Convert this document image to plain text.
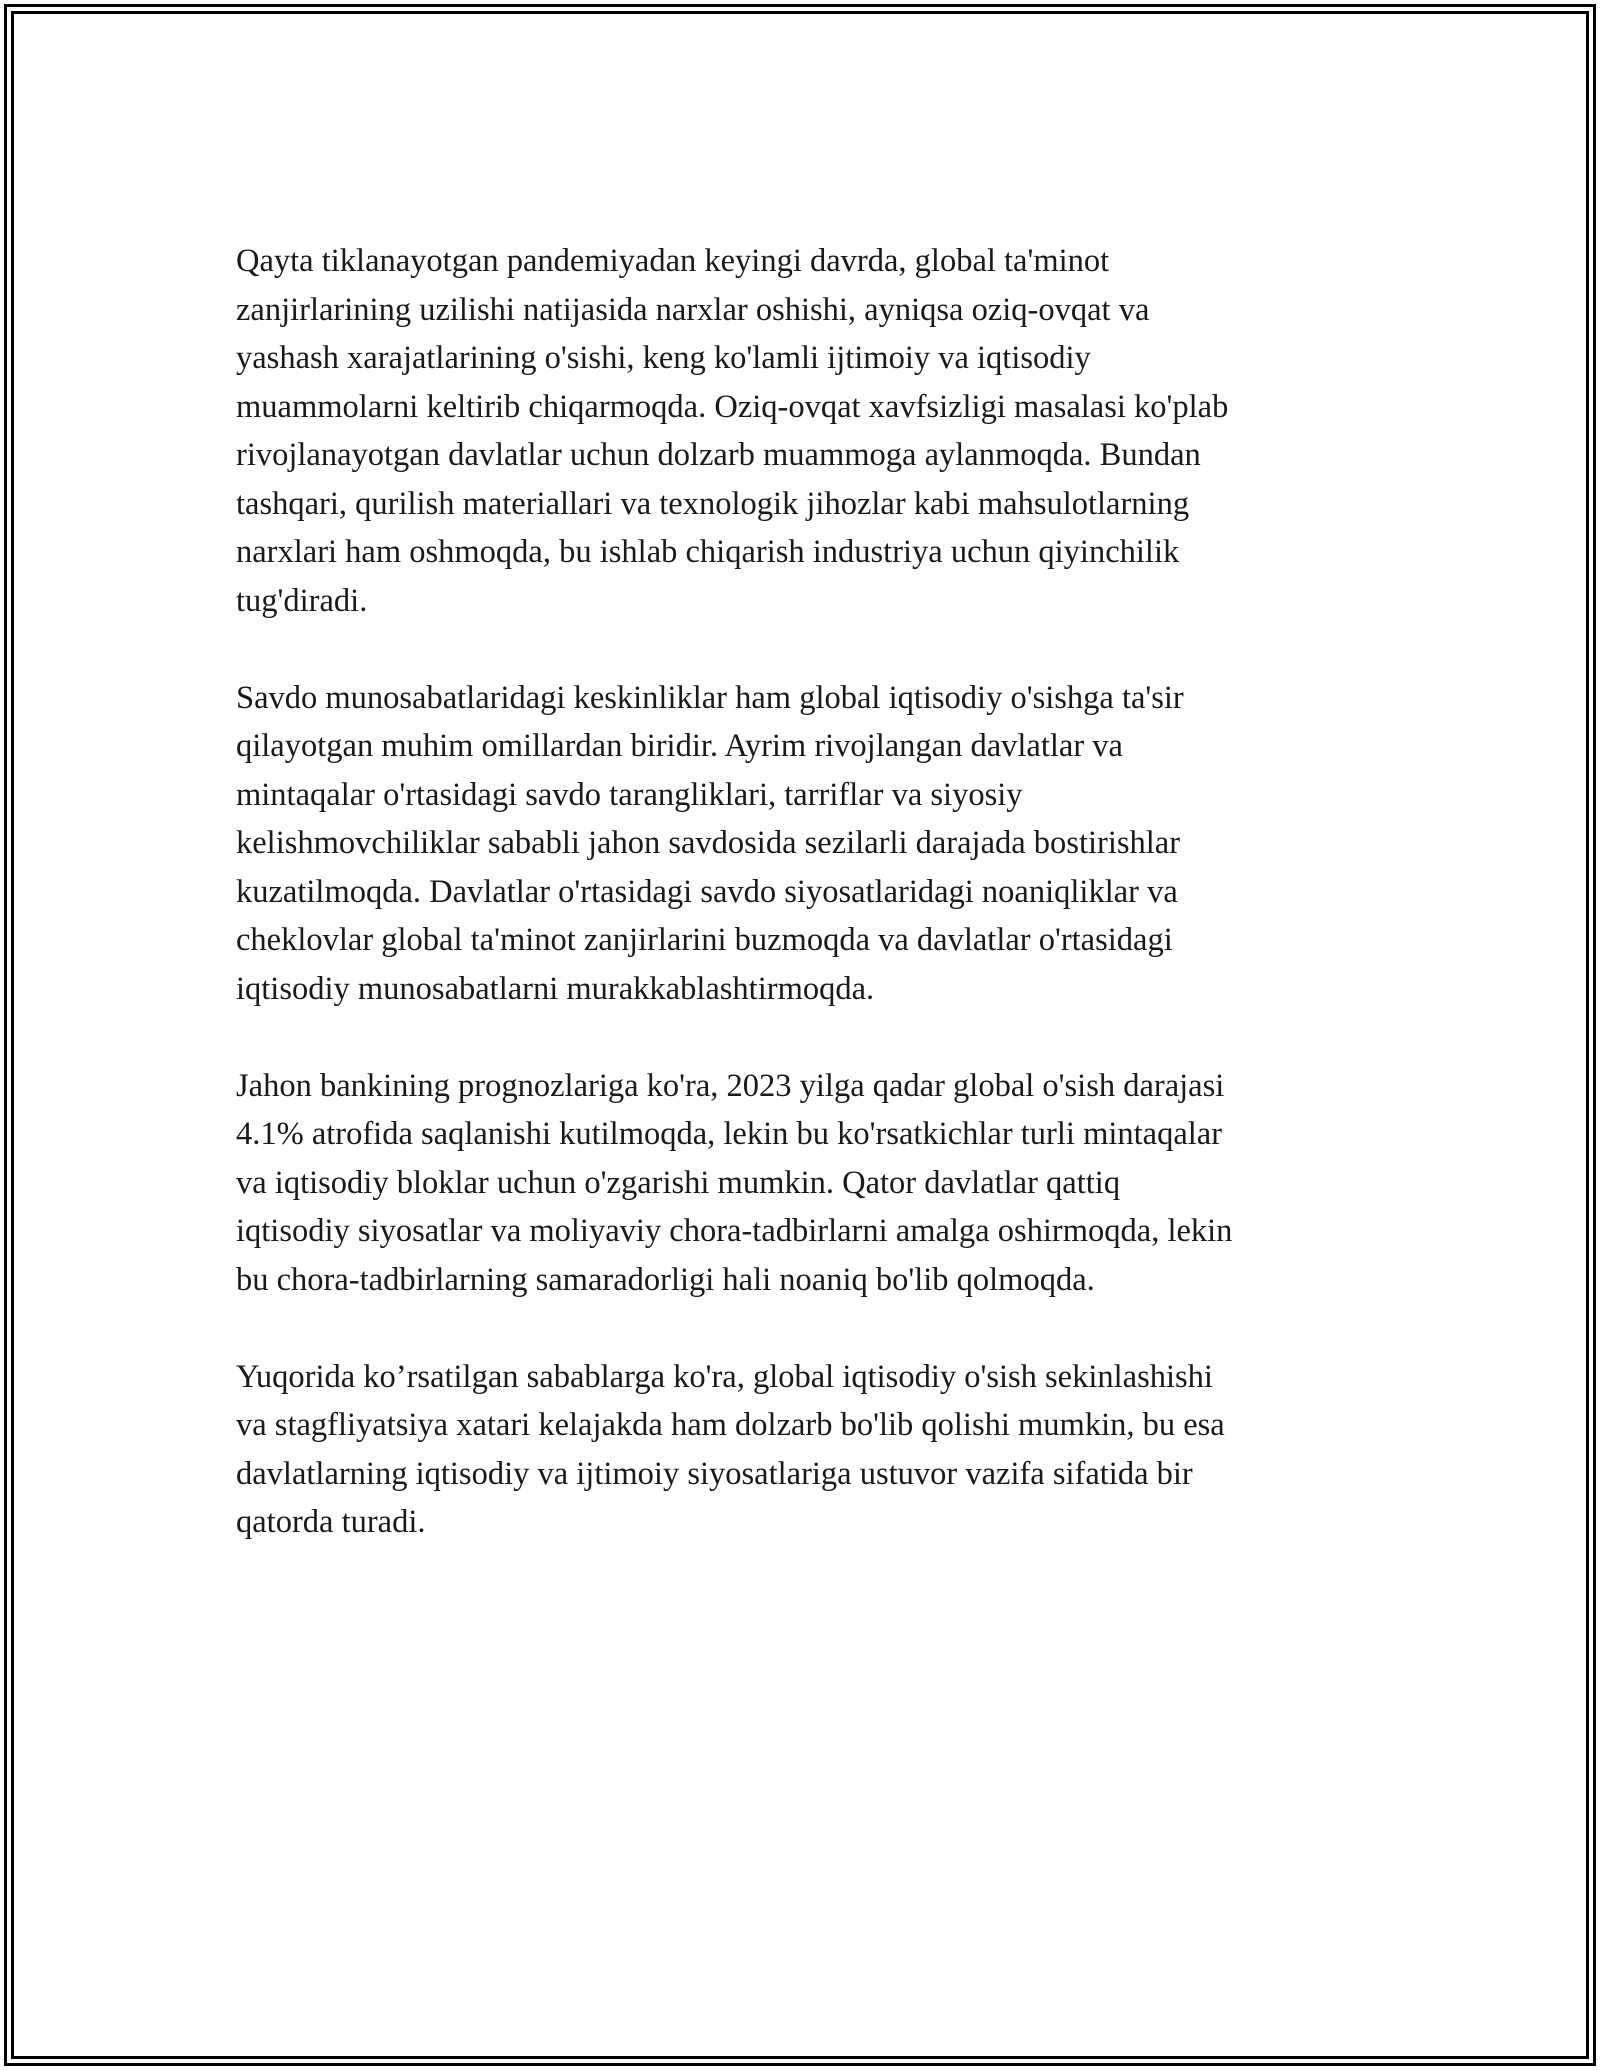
Qayta tiklanayotgan pandemiyadan keyingi davrda, global ta'minot
zanjirlarining uzilishi natijasida narxlar oshishi, ayniqsa oziq-ovqat va
yashash xarajatlarining o'sishi, keng ko'lamli ijtimoiy va iqtisodiy
muammolarni keltirib chiqarmoqda. Oziq-ovqat xavfsizligi masalasi ko'plab
rivojlanayotgan davlatlar uchun dolzarb muammoga aylanmoqda. Bundan
tashqari, qurilish materiallari va texnologik jihozlar kabi mahsulotlarning
narxlari ham oshmoqda, bu ishlab chiqarish industriya uchun qiyinchilik
tug'diradi.

Savdo munosabatlaridagi keskinliklar ham global iqtisodiy o'sishga ta'sir
qilayotgan muhim omillardan biridir. Ayrim rivojlangan davlatlar va
mintaqalar o'rtasidagi savdo tarangliklari, tarriflar va siyosiy
kelishmovchiliklar sababli jahon savdosida sezilarli darajada bostirishlar
kuzatilmoqda. Davlatlar o'rtasidagi savdo siyosatlaridagi noaniqliklar va
cheklovlar global ta'minot zanjirlarini buzmoqda va davlatlar o'rtasidagi
iqtisodiy munosabatlarni murakkablashtirmoqda.

Jahon bankining prognozlariga ko'ra, 2023 yilga qadar global o'sish darajasi
4.1% atrofida saqlanishi kutilmoqda, lekin bu ko'rsatkichlar turli mintaqalar
va iqtisodiy bloklar uchun o'zgarishi mumkin. Qator davlatlar qattiq
iqtisodiy siyosatlar va moliyaviy chora-tadbirlarni amalga oshirmoqda, lekin
bu chora-tadbirlarning samaradorligi hali noaniq bo'lib qolmoqda.

Yuqorida ko’rsatilgan sabablarga ko'ra, global iqtisodiy o'sish sekinlashishi
va stagfliyatsiya xatari kelajakda ham dolzarb bo'lib qolishi mumkin, bu esa
davlatlarning iqtisodiy va ijtimoiy siyosatlariga ustuvor vazifa sifatida bir
qatorda turadi.
